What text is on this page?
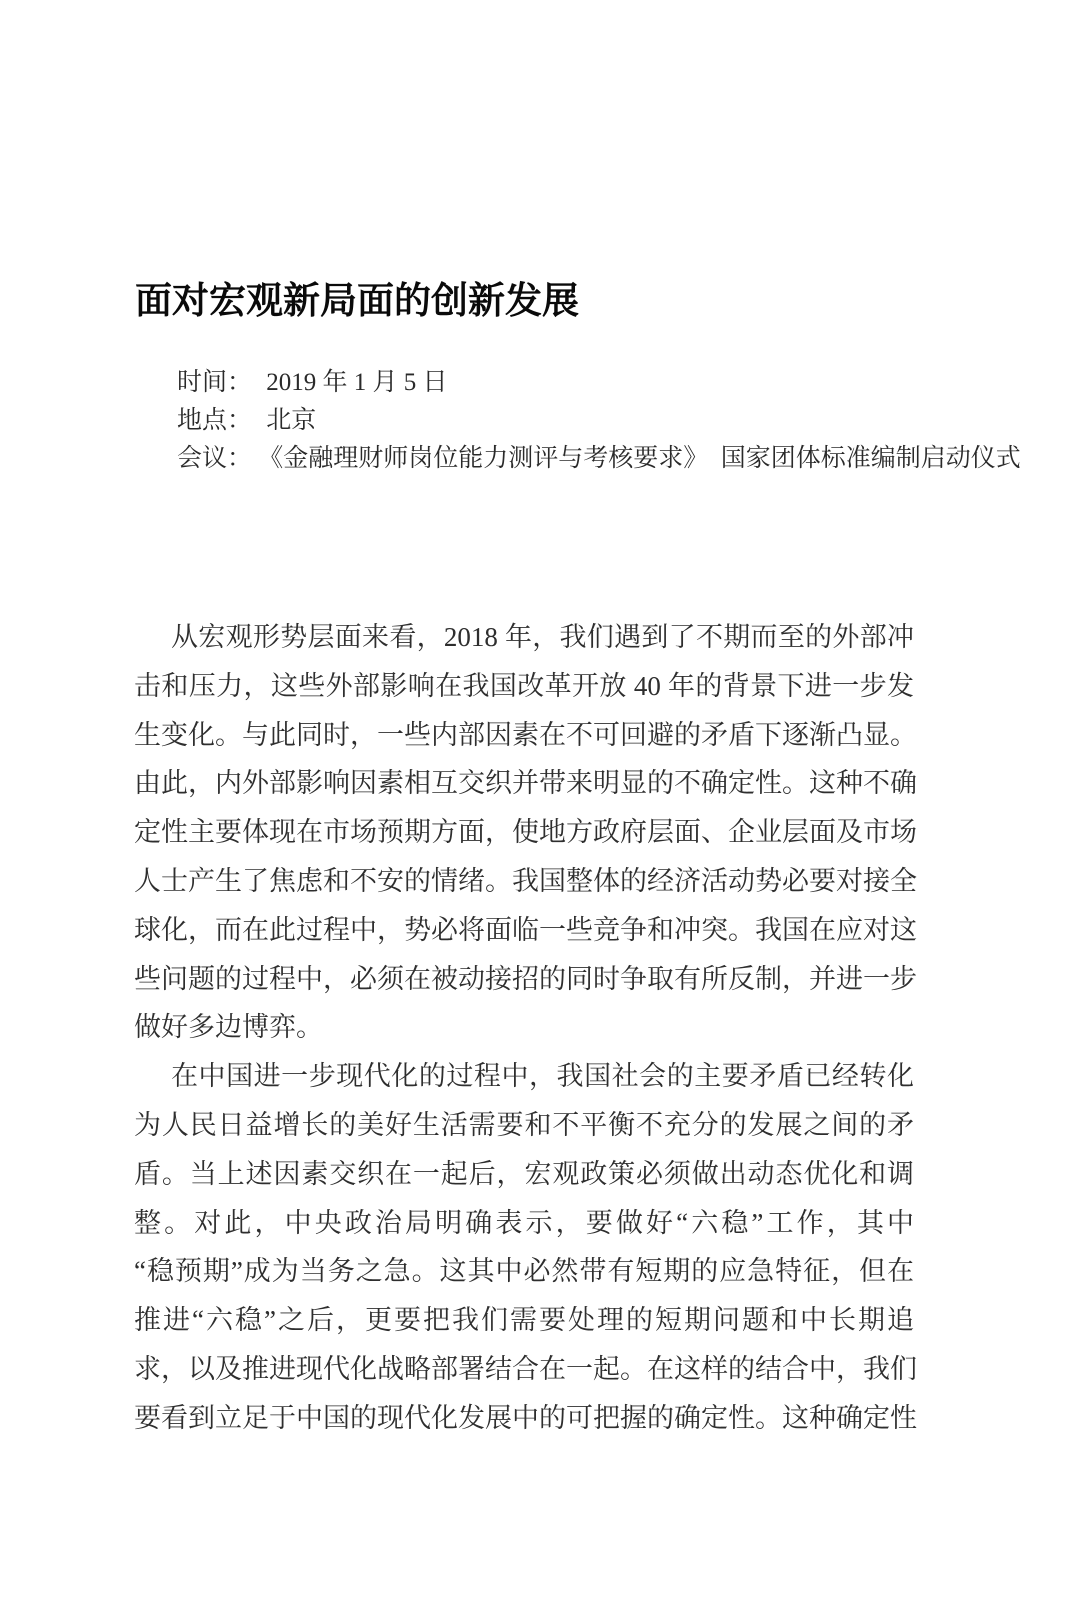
面对宏观新局面的创新发展
时间： 2019 年 1 月 5 日
地点： 北京
会议： 《金融理财师岗位能力测评与考核要求》　国家团体标准编制启动仪式
从宏观形势层面来看，2018 年，我们遇到了不期而至的外部冲
击和压力，这些外部影响在我国改革开放 40 年的背景下进一步发
生变化。与此同时，一些内部因素在不可回避的矛盾下逐渐凸显。
由此，内外部影响因素相互交织并带来明显的不确定性。这种不确
定性主要体现在市场预期方面，使地方政府层面、企业层面及市场
人士产生了焦虑和不安的情绪。我国整体的经济活动势必要对接全
球化，而在此过程中，势必将面临一些竞争和冲突。我国在应对这
些问题的过程中，必须在被动接招的同时争取有所反制，并进一步
做好多边博弈。
在中国进一步现代化的过程中，我国社会的主要矛盾已经转化
为人民日益增长的美好生活需要和不平衡不充分的发展之间的矛
盾。当上述因素交织在一起后，宏观政策必须做出动态优化和调
整。对此，中央政治局明确表示，要做好“六稳”工作，其中
“稳预期”成为当务之急。这其中必然带有短期的应急特征，但在
推进“六稳”之后，更要把我们需要处理的短期问题和中长期追
求，以及推进现代化战略部署结合在一起。在这样的结合中，我们
要看到立足于中国的现代化发展中的可把握的确定性。这种确定性
